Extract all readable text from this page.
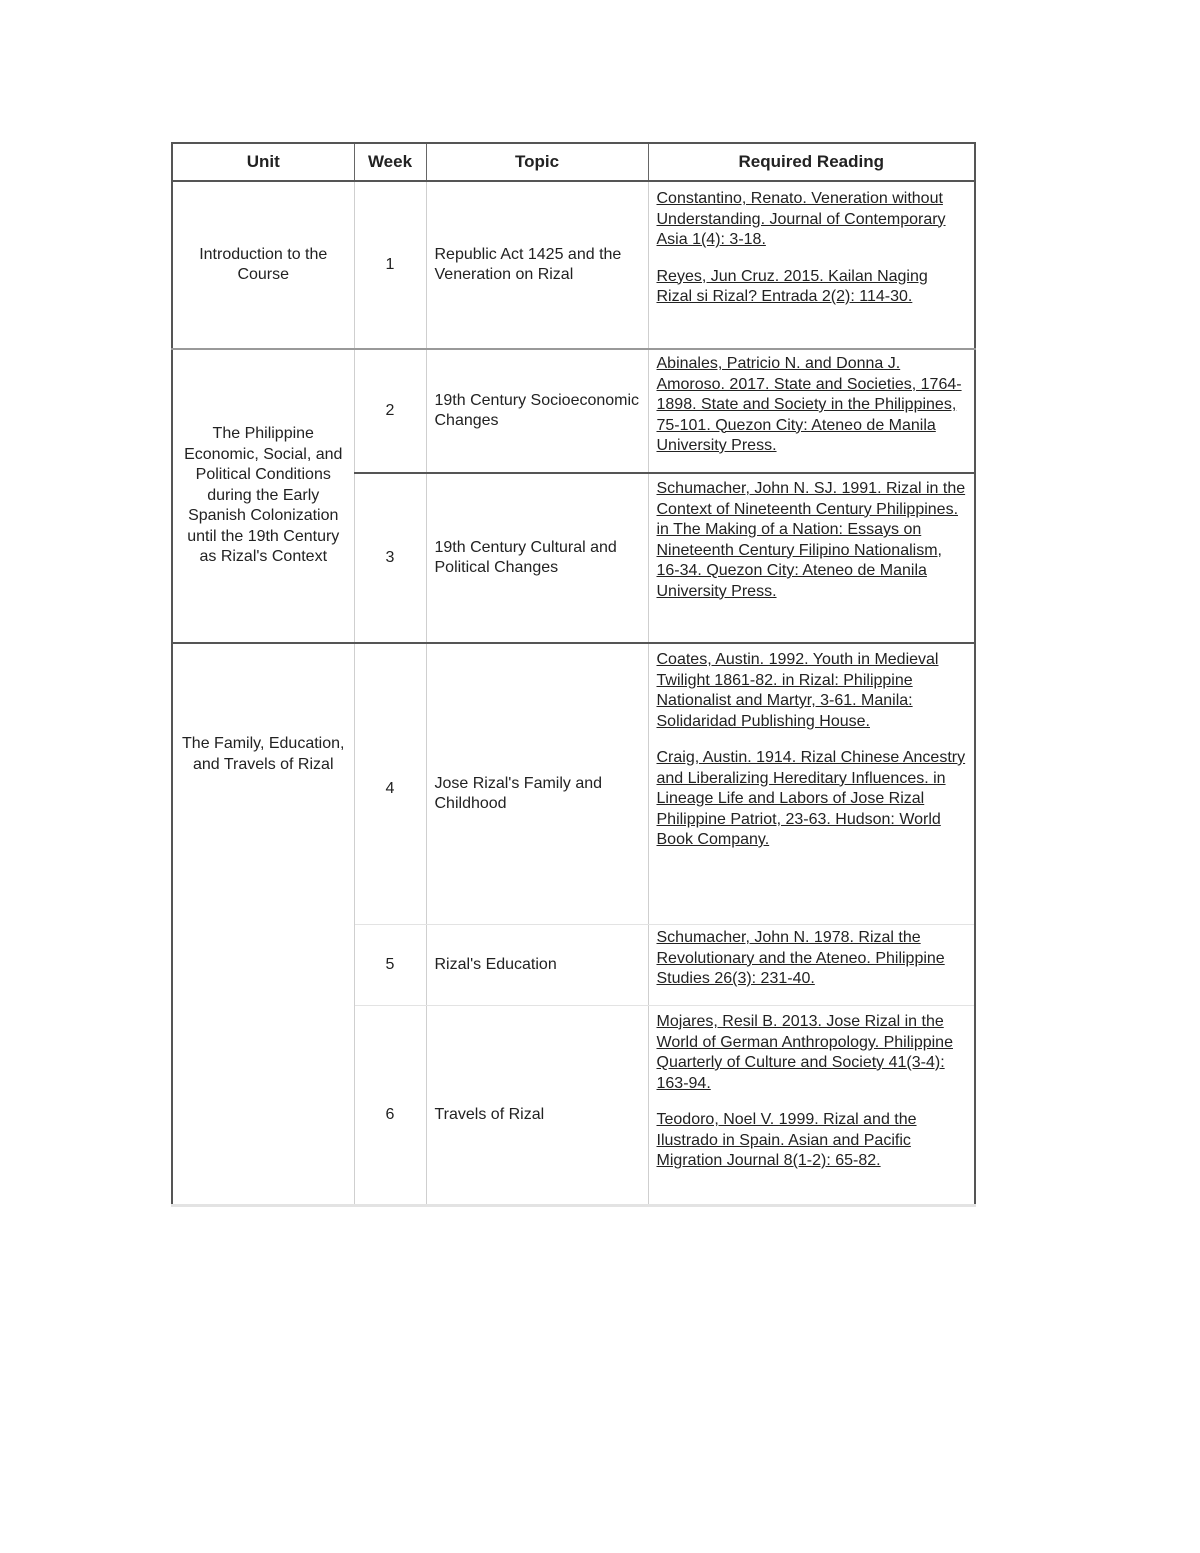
Unit	Week	Topic	Required Reading
Introduction to the Course	1	Republic Act 1425 and the Veneration on Rizal	Constantino, Renato. Veneration without Understanding. Journal of Contemporary Asia 1(4): 3-18.
Reyes, Jun Cruz. 2015. Kailan Naging Rizal si Rizal? Entrada 2(2): 114-30.

The Philippine Economic, Social, and Political Conditions during the Early Spanish Colonization until the 19th Century as Rizal's Context	2	19th Century Socioeconomic Changes	Abinales, Patricio N. and Donna J. Amoroso. 2017. State and Societies, 1764-1898. State and Society in the Philippines, 75-101. Quezon City: Ateneo de Manila University Press.

	3	19th Century Cultural and Political Changes	Schumacher, John N. SJ. 1991. Rizal in the Context of Nineteenth Century Philippines. in The Making of a Nation: Essays on Nineteenth Century Filipino Nationalism, 16-34. Quezon City: Ateneo de Manila University Press.

The Family, Education, and Travels of Rizal	4	Jose Rizal's Family and Childhood	Coates, Austin. 1992. Youth in Medieval Twilight 1861-82. in Rizal: Philippine Nationalist and Martyr, 3-61. Manila: Solidaridad Publishing House.
Craig, Austin. 1914. Rizal Chinese Ancestry and Liberalizing Hereditary Influences. in Lineage Life and Labors of Jose Rizal Philippine Patriot, 23-63. Hudson: World Book Company.

	5	Rizal's Education	Schumacher, John N. 1978. Rizal the Revolutionary and the Ateneo. Philippine Studies 26(3): 231-40.

	6	Travels of Rizal	Mojares, Resil B. 2013. Jose Rizal in the World of German Anthropology. Philippine Quarterly of Culture and Society 41(3-4): 163-94.
Teodoro, Noel V. 1999. Rizal and the Ilustrado in Spain. Asian and Pacific Migration Journal 8(1-2): 65-82.
